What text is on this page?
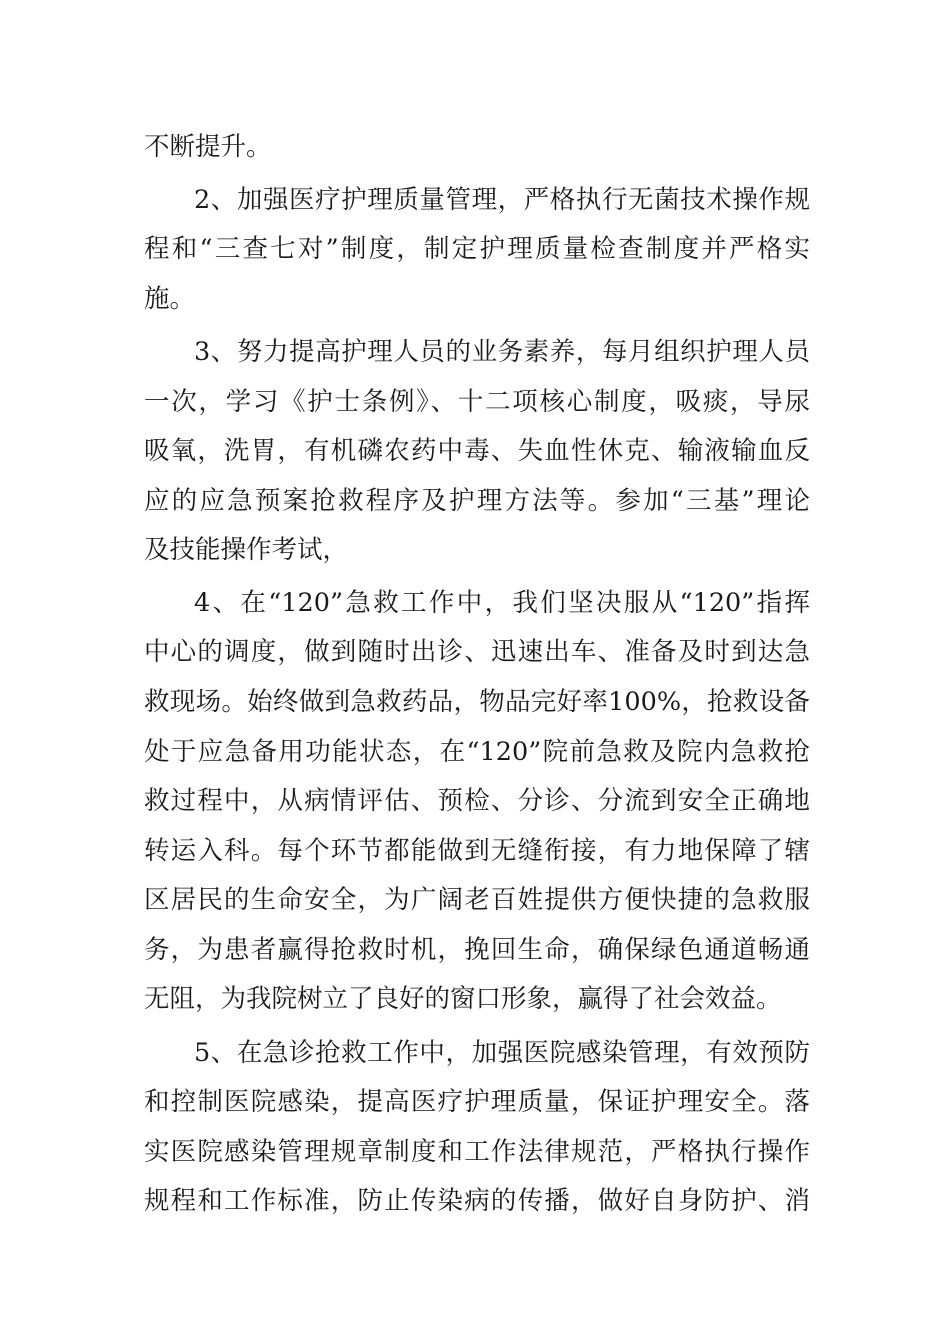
不断提升。

2、加强医疗护理质量管理，严格执行无菌技术操作规

程和“三查七对”制度，制定护理质量检查制度并严格实

施。

3、努力提高护理人员的业务素养，每月组织护理人员

一次，学习《护士条例》、十二项核心制度，吸痰，导尿

吸氧，洗胃，有机磷农药中毒、失血性休克、输液输血反

应的应急预案抢救程序及护理方法等。参加“三基”理论

及技能操作考试，

4、在“120”急救工作中，我们坚决服从“120”指挥

中心的调度，做到随时出诊、迅速出车、准备及时到达急

救现场。始终做到急救药品，物品完好率100%，抢救设备

处于应急备用功能状态，在“120”院前急救及院内急救抢

救过程中，从病情评估、预检、分诊、分流到安全正确地

转运入科。每个环节都能做到无缝衔接，有力地保障了辖

区居民的生命安全，为广阔老百姓提供方便快捷的急救服

务，为患者赢得抢救时机，挽回生命，确保绿色通道畅通

无阻，为我院树立了良好的窗口形象，赢得了社会效益。

5、在急诊抢救工作中，加强医院感染管理，有效预防

和控制医院感染，提高医疗护理质量，保证护理安全。落

实医院感染管理规章制度和工作法律规范，严格执行操作

规程和工作标准，防止传染病的传播，做好自身防护、消
